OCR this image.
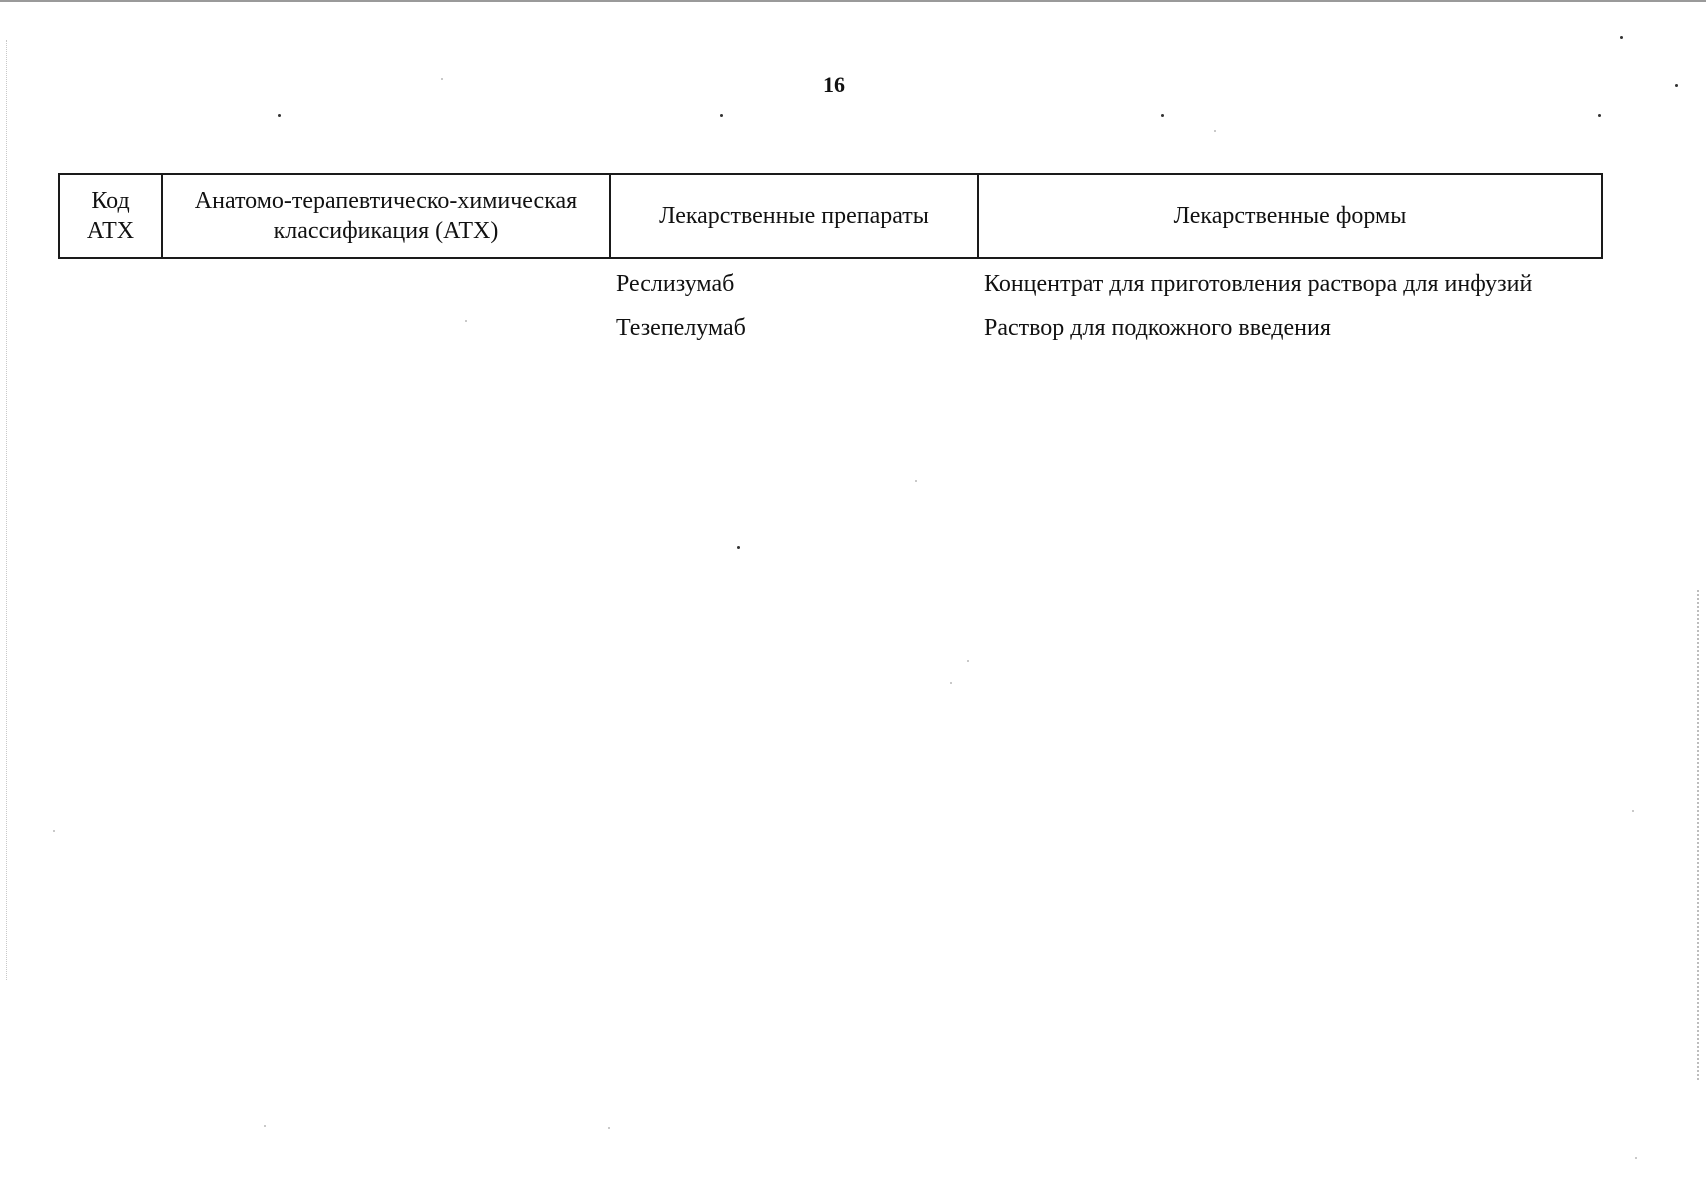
16
Код АТХ	Анатомо-терапевтическо-химическая классификация (АТХ)	Лекарственные препараты	Лекарственные формы
		Реслизумаб	Концентрат для приготовления раствора для инфузий
		Тезепелумаб	Раствор для подкожного введения
